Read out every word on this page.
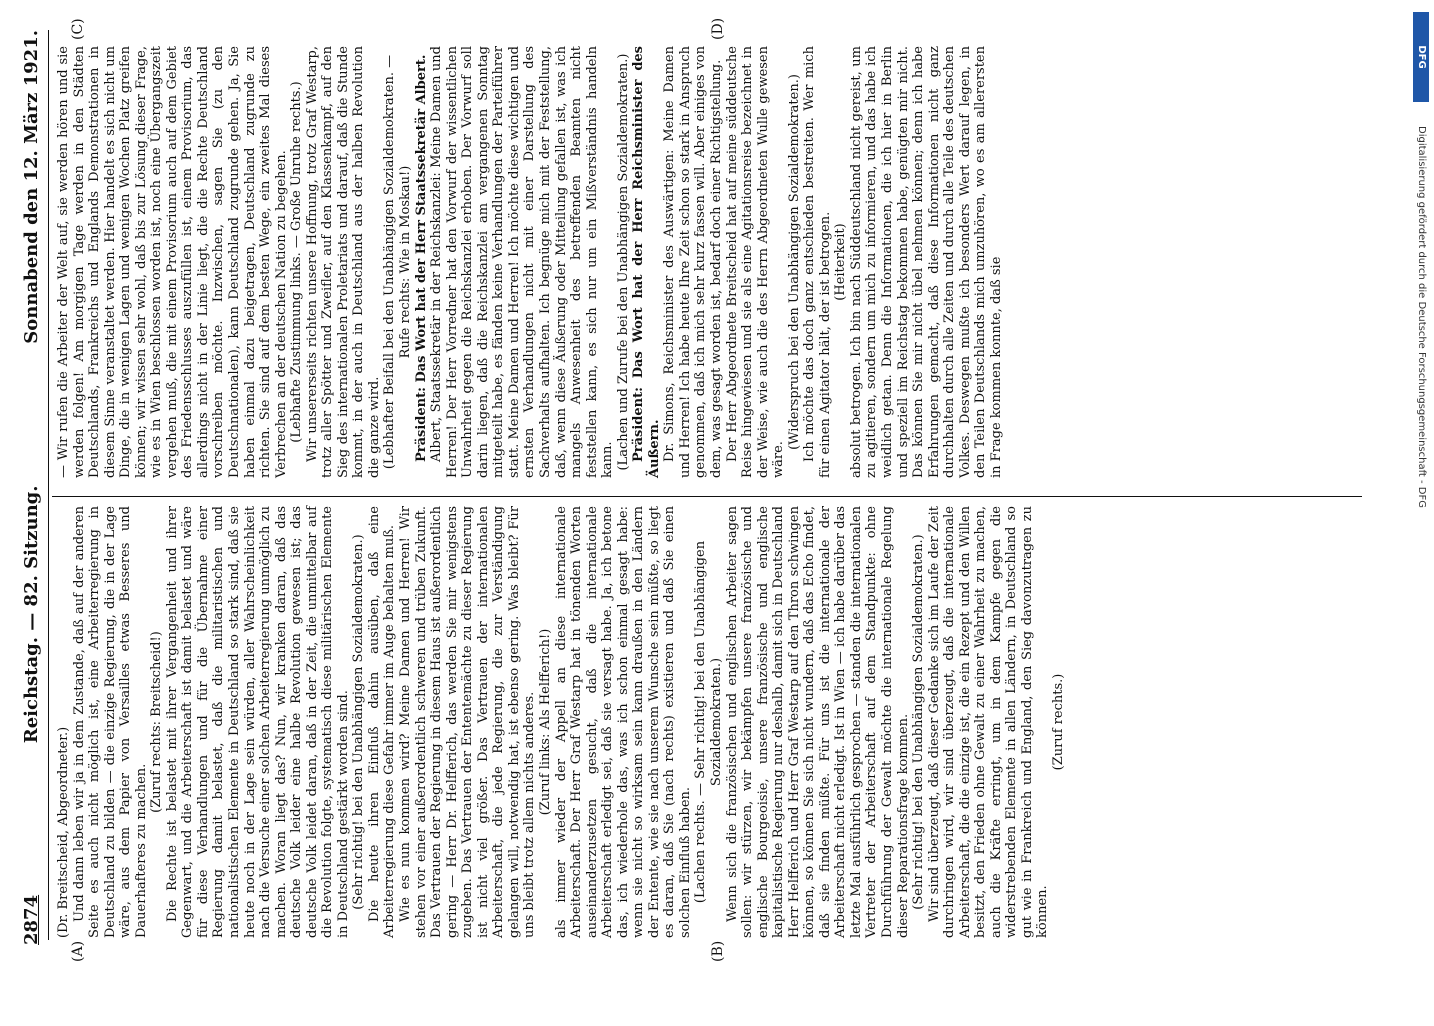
2874
Reichstag. — 82. Sitzung.
Sonnabend den 12. März 1921.
(A)	(B)
(C)	(D)

(Dr. Breitscheid, Abgeordneter.) Und dann leben wir ja in dem Zustande, daß auf der anderen Seite es auch nicht möglich ist, eine Arbeiterregierung in Deutschland zu bilden — die einzige Regierung, die in der Lage wäre, aus dem Papier von Versailles etwas Besseres und Dauerhafteres zu machen.

(Zuruf rechts: Breitscheid!) Die Rechte ist belastet mit ihrer Vergangenheit und ihrer Gegenwart, und die Arbeiterschaft ist damit belastet und wäre für diese Verhandlungen und für die Übernahme einer Regierung damit belastet, daß die militaristischen und nationalistischen Elemente in Deutschland so stark sind, daß sie heute noch in der Lage sein würden, aller Wahrscheinlichkeit nach die Versuche einer solchen Arbeiterregierung unmöglich zu machen. Woran liegt das? Nun, wir kranken daran, daß das deutsche Volk leider eine halbe Revolution gewesen ist; das deutsche Volk leidet daran, daß in der Zeit, die unmittelbar auf die Revolution folgte, systematisch diese militärischen Elemente in Deutschland gestärkt worden sind. (Sehr richtig! bei den Unabhängigen Sozialdemokraten.) Die heute ihren Einfluß dahin ausüben, daß eine Arbeiterregierung diese Gefahr immer im Auge behalten muß. Wie es nun kommen wird? Meine Damen und Herren! Wir stehen vor einer außerordentlich schweren und trüben Zukunft. Das Vertrauen der Regierung in diesem Haus ist außerordentlich gering — Herr Dr. Helfferich, das werden Sie mir wenigstens zugeben. Das Vertrauen der Ententemächte zu dieser Regierung ist nicht viel größer. Das Vertrauen der internationalen Arbeiterschaft, die jede Regierung, die zur Verständigung gelangen will, notwendig hat, ist ebenso gering. Was bleibt? Für uns bleibt trotz allem nichts anderes. (Zuruf links: Als Helfferich!) als immer wieder der Appell an diese internationale Arbeiterschaft. Der Herr Graf Westarp hat in tönenden Worten auseinanderzusetzen gesucht, daß die internationale Arbeiterschaft erledigt sei, daß sie versagt habe. Ja, ich betone das, ich wiederhole das, was ich schon einmal gesagt habe: wenn sie nicht so wirksam sein kann draußen in den Ländern der Entente, wie sie nach unserem Wunsche sein müßte, so liegt es daran, daß Sie (nach rechts) existieren und daß Sie einen solchen Einfluß haben. (Lachen rechts. — Sehr richtig! bei den Unabhängigen Sozialdemokraten.) Wenn sich die französischen und englischen Arbeiter sagen sollen: wir stürzen, wir bekämpfen unsere französische und englische Bourgeoisie, unsere französische und englische kapitalistische Regierung nur deshalb, damit sich in Deutschland Herr Helfferich und Herr Graf Westarp auf den Thron schwingen können, so können Sie sich nicht wundern, daß das Echo findet, daß sie finden müßte. Für uns ist die internationale der Arbeiterschaft nicht erledigt. Ist in Wien — ich habe darüber das letzte Mal ausführlich gesprochen — standen die internationalen Vertreter der Arbeiterschaft auf dem Standpunkte: ohne Durchführung der Gewalt möchte die internationale Regelung dieser Reparationsfrage kommen. (Sehr richtig! bei den Unabhängigen Sozialdemokraten.) Wir sind überzeugt, daß dieser Gedanke sich im Laufe der Zeit durchringen wird, wir sind überzeugt, daß die internationale Arbeiterschaft, die die einzige ist, die ein Rezept und den Willen besitzt, den Frieden ohne Gewalt zu einer Wahrheit zu machen, auch die Kräfte erringt, um in dem Kampfe gegen die widerstrebenden Elemente in allen Ländern, in Deutschland so gut wie in Frankreich und England, den Sieg davonzutragen zu können.

(Zuruf rechts.)

— Wir rufen die Arbeiter der Welt auf, sie werden hören und sie werden folgen! Am morgigen Tage werden in den Städten Deutschlands, Frankreichs und Englands Demonstrationen in diesem Sinne veranstaltet werden. Hier handelt es sich nicht um Dinge, die in wenigen Lagen und wenigen Wochen Platz greifen können; wir wissen sehr wohl, daß bis zur Lösung dieser Frage, wie es in Wien beschlossen worden ist, noch eine Übergangszeit vergehen muß, die mit einem Provisorium auch auf dem Gebiet des Friedensschlusses auszufüllen ist, einem Provisorium, das allerdings nicht in der Linie liegt, die die Rechte Deutschland vorschreiben möchte. Inzwischen, sagen Sie (zu den Deutschnationalen), kann Deutschland zugrunde gehen. Ja, Sie haben einmal dazu beigetragen, Deutschland zugrunde zu richten. Sie sind auf dem besten Wege, ein zweites Mal dieses Verbrechen an der deutschen Nation zu begehen. (Lebhafte Zustimmung links. — Große Unruhe rechts.) Wir unsererseits richten unsere Hoffnung, trotz Graf Westarp, trotz aller Spötter und Zweifler, auf den Klassenkampf, auf den Sieg des internationalen Proletariats und darauf, daß die Stunde kommt, in der auch in Deutschland aus der halben Revolution die ganze wird. (Lebhafter Beifall bei den Unabhängigen Sozialdemokraten. — Rufe rechts: Wie in Moskau!) Präsident: Das Wort hat der Herr Staatssekretär Albert. Albert, Staatssekretär in der Reichskanzlei: Meine Damen und Herren! Der Herr Vorredner hat den Vorwurf der wissentlichen Unwahrheit gegen die Reichskanzlei erhoben. Der Vorwurf soll darin liegen, daß die Reichskanzlei am vergangenen Sonntag mitgeteilt habe, es fänden keine Verhandlungen der Parteiführer statt. Meine Damen und Herren! Ich möchte diese wichtigen und ernsten Verhandlungen nicht mit einer Darstellung des Sachverhalts aufhalten. Ich begnüge mich mit der Feststellung, daß, wenn diese Äußerung oder Mitteilung gefallen ist, was ich mangels Anwesenheit des betreffenden Beamten nicht feststellen kann, es sich nur um ein Mißverständnis handeln kann. (Lachen und Zurufe bei den Unabhängigen Sozialdemokraten.) Präsident: Das Wort hat der Herr Reichsminister des Äußern. Dr. Simons, Reichsminister des Auswärtigen: Meine Damen und Herren! Ich habe heute Ihre Zeit schon so stark in Anspruch genommen, daß ich mich sehr kurz fassen will. Aber einiges von dem, was gesagt worden ist, bedarf doch einer Richtigstellung. Der Herr Abgeordnete Breitscheid hat auf meine süddeutsche Reise hingewiesen und sie als eine Agitationsreise bezeichnet in der Weise, wie auch die des Herrn Abgeordneten Wulle gewesen wäre.

(Widerspruch bei den Unabhängigen Sozialdemokraten.) Ich möchte das doch ganz entschieden bestreiten. Wer mich für einen Agitator hält, der ist betrogen. (Heiterkeit) absolut betrogen. Ich bin nach Süddeutschland nicht gereist, um zu agitieren, sondern um mich zu informieren, und das habe ich weidlich getan. Denn die Informationen, die ich hier in Berlin und speziell im Reichstag bekommen habe, genügten mir nicht. Das können Sie mir nicht übel nehmen können; denn ich habe Erfahrungen gemacht, daß diese Informationen nicht ganz durchhalten durch alle Zeiten und durch alle Teile des deutschen Volkes. Deswegen mußte ich besonders Wert darauf legen, in den Teilen Deutschlands mich umzuhören, wo es am allerersten in Frage kommen konnte, daß sie

DFG
Digitalisierung gefördert durch die Deutsche Forschungsgemeinschaft - DFG
